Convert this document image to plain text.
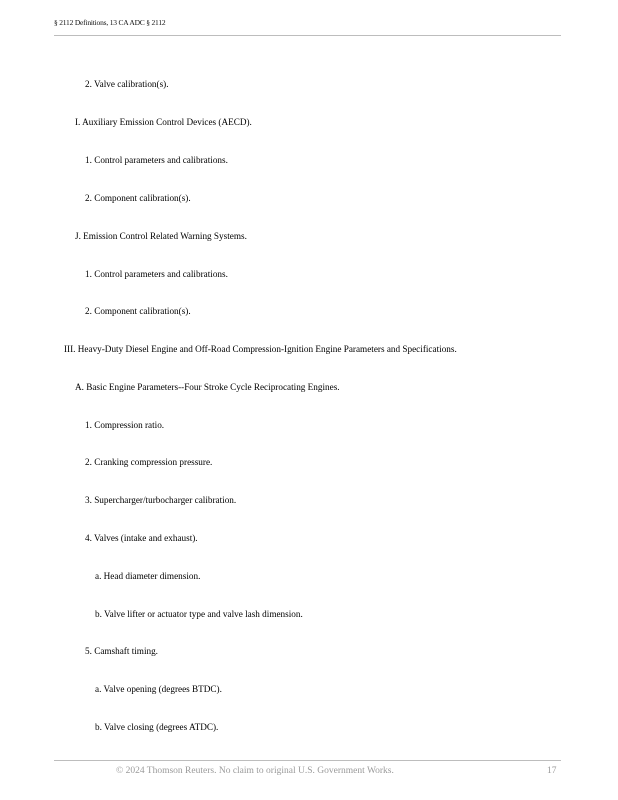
§ 2112 Definitions, 13 CA ADC § 2112
2. Valve calibration(s).
I. Auxiliary Emission Control Devices (AECD).
1. Control parameters and calibrations.
2. Component calibration(s).
J. Emission Control Related Warning Systems.
1. Control parameters and calibrations.
2. Component calibration(s).
III. Heavy-Duty Diesel Engine and Off-Road Compression-Ignition Engine Parameters and Specifications.
A. Basic Engine Parameters--Four Stroke Cycle Reciprocating Engines.
1. Compression ratio.
2. Cranking compression pressure.
3. Supercharger/turbocharger calibration.
4. Valves (intake and exhaust).
a. Head diameter dimension.
b. Valve lifter or actuator type and valve lash dimension.
5. Camshaft timing.
a. Valve opening (degrees BTDC).
b. Valve closing (degrees ATDC).
© 2024 Thomson Reuters. No claim to original U.S. Government Works.	17
